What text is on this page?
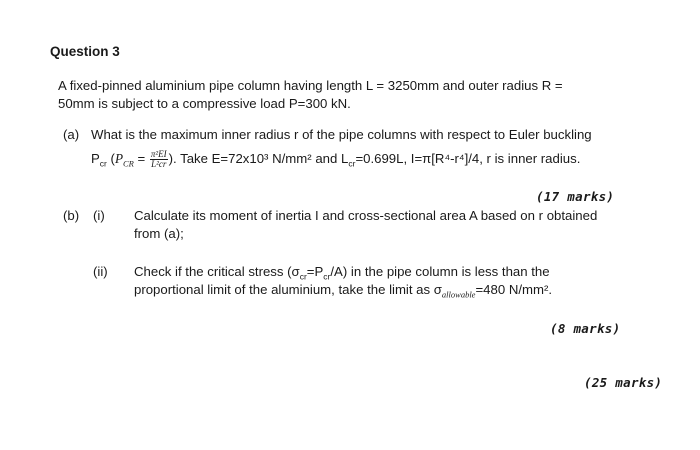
Question 3
A fixed-pinned aluminium pipe column having length L = 3250mm and outer radius R =
50mm is subject to a compressive load P=300 kN.
(a) What is the maximum inner radius r of the pipe columns with respect to Euler buckling
$P_{cr}$ ($P_{CR} = \frac{\text{π²EI}}{\text{L²cr}}$ ). Take E=72x10³ N/mm² and $L_{cr}=0.699L$, I=π[R⁴-r⁴]/4, r is inner radius.
(17 marks)
(b) (i) Calculate its moment of inertia I and cross-sectional area A based on r obtained
from (a);
(ii) Check if the critical stress $(\sigma_{cr}=P_{cr}/A)$ in the pipe column is less than the
proportional limit of the aluminium, take the limit as $\sigma_{allowable}=480$ N/mm².
(8 marks)
(25 marks)
